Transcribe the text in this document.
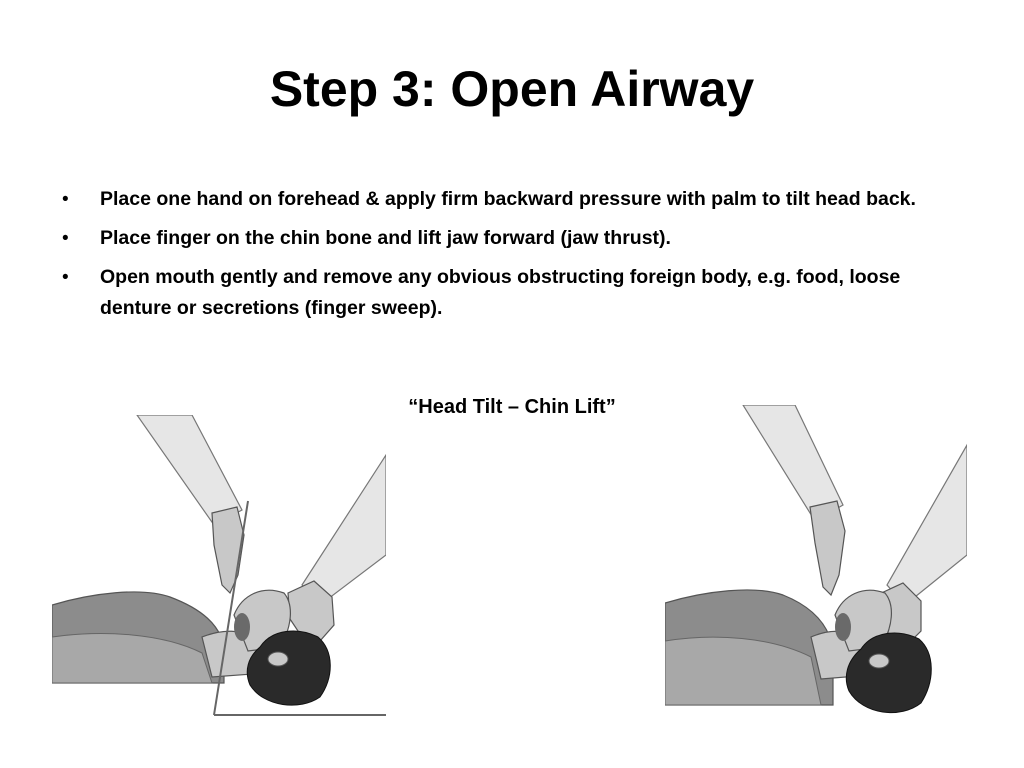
Step 3: Open Airway
• Place one hand on forehead & apply firm backward pressure with palm to tilt head back.
• Place finger on the chin bone and lift jaw forward (jaw thrust).
• Open mouth gently and remove any obvious obstructing foreign body, e.g. food, loose denture or secretions (finger sweep).
“Head Tilt – Chin Lift”
